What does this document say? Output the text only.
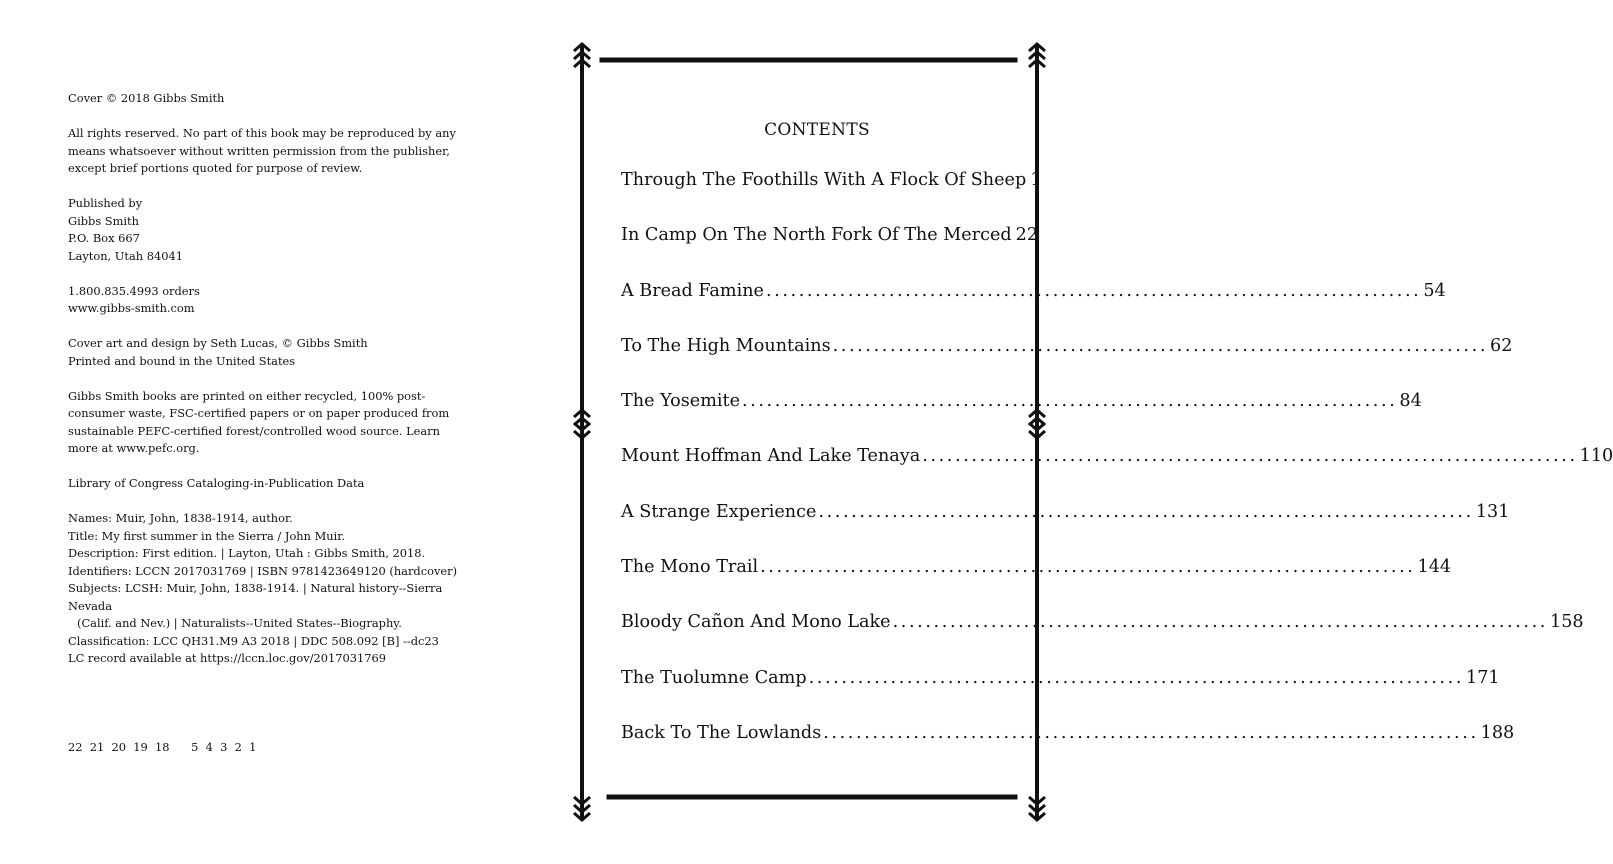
Cover © 2018 Gibbs Smith
All rights reserved. No part of this book may be reproduced by any
means whatsoever without written permission from the publisher,
except brief portions quoted for purpose of review.
Published by
Gibbs Smith
P.O. Box 667
Layton, Utah 84041
1.800.835.4993 orders
www.gibbs-smith.com
Cover art and design by Seth Lucas, © Gibbs Smith
Printed and bound in the United States
Gibbs Smith books are printed on either recycled, 100% post-
consumer waste, FSC-certified papers or on paper produced from
sustainable PEFC-certified forest/controlled wood source. Learn
more at www.pefc.org.
Library of Congress Cataloging-in-Publication Data
Names: Muir, John, 1838-1914, author.
Title: My first summer in the Sierra / John Muir.
Description: First edition. | Layton, Utah : Gibbs Smith, 2018.
Identifiers: LCCN 2017031769 | ISBN 9781423649120 (hardcover)
Subjects: LCSH: Muir, John, 1838-1914. | Natural history--Sierra
Nevada
(Calif. and Nev.) | Naturalists--United States--Biography.
Classification: LCC QH31.M9 A3 2018 | DDC 508.092 [B] --dc23
LC record available at https://lccn.loc.gov/2017031769
22  21  20  19  18      5  4  3  2  1
CONTENTS
Through The Foothills With A Flock Of Sheep 1
In Camp On The North Fork Of The Merced 22
A Bread Famine ................................................................................ 54
To The High Mountains ................................................................................ 62
The Yosemite ................................................................................ 84
Mount Hoffman And Lake Tenaya ................................................................................ 110
A Strange Experience ................................................................................ 131
The Mono Trail ................................................................................ 144
Bloody Cañon And Mono Lake ................................................................................ 158
The Tuolumne Camp ................................................................................ 171
Back To The Lowlands ................................................................................ 188
